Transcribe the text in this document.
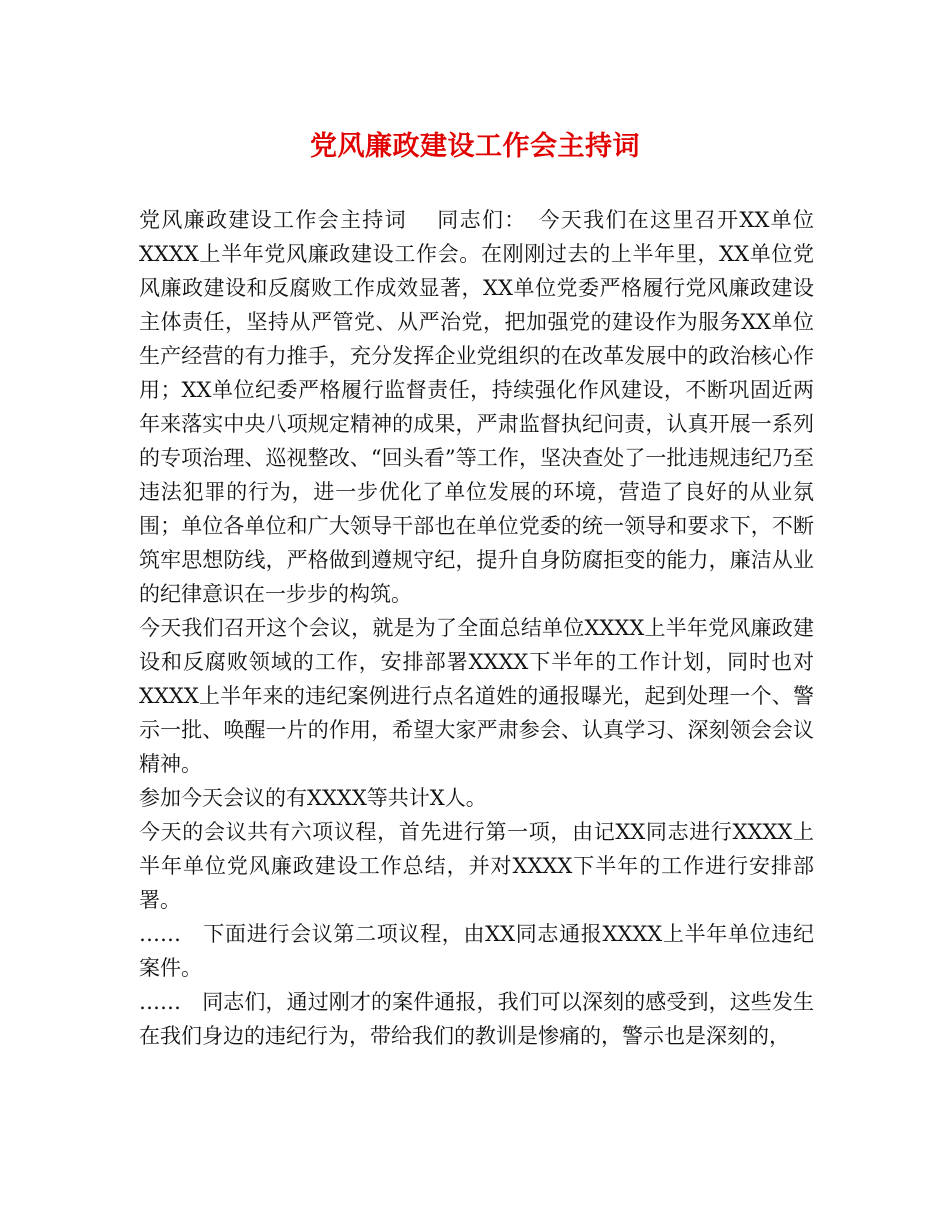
党风廉政建设工作会主持词

党风廉政建设工作会主持词　 同志们：　今天我们在这里召开XX单位XXXX上半年党风廉政建设工作会。在刚刚过去的上半年里，XX单位党风廉政建设和反腐败工作成效显著，XX单位党委严格履行党风廉政建设主体责任，坚持从严管党、从严治党，把加强党的建设作为服务XX单位生产经营的有力推手，充分发挥企业党组织的在改革发展中的政治核心作用；XX单位纪委严格履行监督责任，持续强化作风建设，不断巩固近两年来落实中央八项规定精神的成果，严肃监督执纪问责，认真开展一系列的专项治理、巡视整改、“回头看”等工作，坚决查处了一批违规违纪乃至违法犯罪的行为，进一步优化了单位发展的环境，营造了良好的从业氛围；单位各单位和广大领导干部也在单位党委的统一领导和要求下，不断筑牢思想防线，严格做到遵规守纪，提升自身防腐拒变的能力，廉洁从业的纪律意识在一步步的构筑。

今天我们召开这个会议，就是为了全面总结单位XXXX上半年党风廉政建设和反腐败领域的工作，安排部署XXXX下半年的工作计划，同时也对XXXX上半年来的违纪案例进行点名道姓的通报曝光，起到处理一个、警示一批、唤醒一片的作用，希望大家严肃参会、认真学习、深刻领会会议精神。

参加今天会议的有XXXX等共计X人。

今天的会议共有六项议程，首先进行第一项，由记XX同志进行XXXX上半年单位党风廉政建设工作总结，并对XXXX下半年的工作进行安排部署。

……　下面进行会议第二项议程，由XX同志通报XXXX上半年单位违纪案件。

……　同志们，通过刚才的案件通报，我们可以深刻的感受到，这些发生在我们身边的违纪行为，带给我们的教训是惨痛的，警示也是深刻的，
